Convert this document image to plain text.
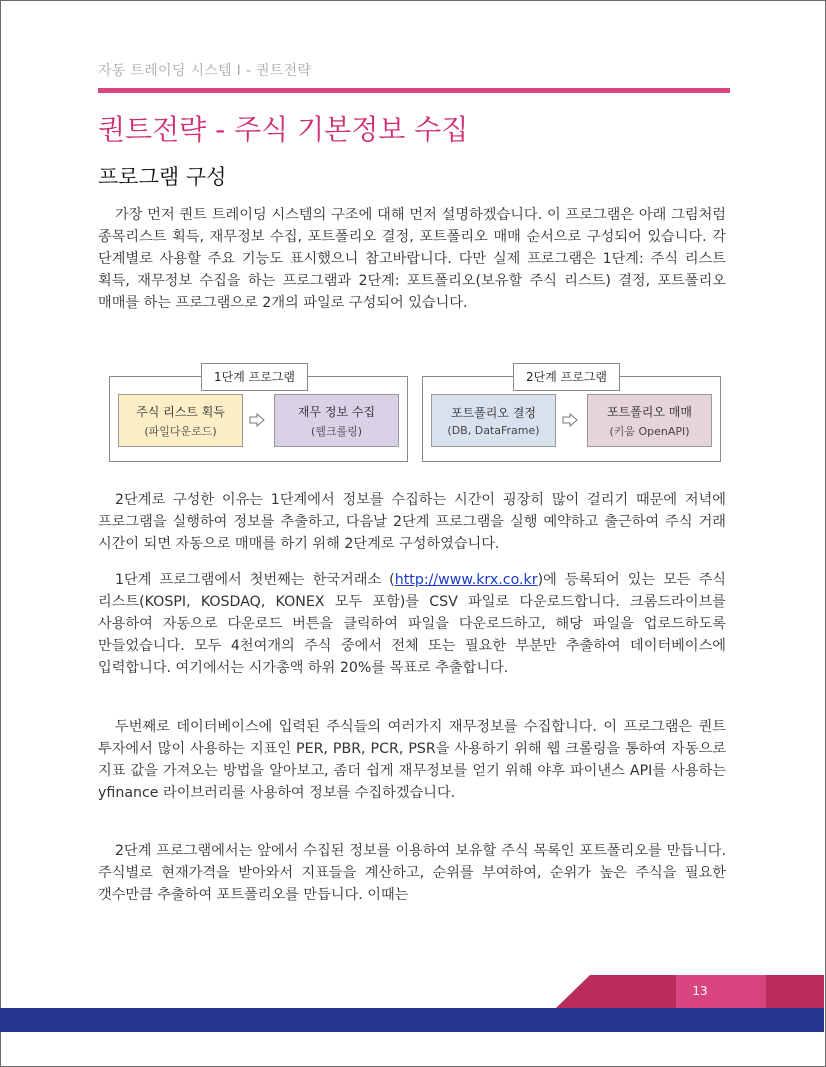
자동 트레이딩 시스템 Ⅰ - 퀀트전략
퀀트전략 - 주식 기본정보 수집
프로그램 구성

가장 먼저 퀀트 트레이딩 시스템의 구조에 대해 먼저 설명하겠습니다. 이 프로그램은 아래 그림처럼 종목리스트 획득, 재무정보 수집, 포트폴리오 결정, 포트폴리오 매매 순서으로 구성되어 있습니다. 각 단계별로 사용할 주요 기능도 표시했으니 참고바랍니다. 다만 실제 프로그램은 1단계: 주식 리스트 획득, 재무정보 수집을 하는 프로그램과 2단계: 포트폴리오(보유할 주식 리스트) 결정, 포트폴리오 매매를 하는 프로그램으로 2개의 파일로 구성되어 있습니다.

1단계 프로그램
주식 리스트 획득
(파일다운로드)
재무 정보 수집
(웹크롤링)
2단계 프로그램
포트폴리오 결정
(DB, DataFrame)
포트폴리오 매매
(키움 OpenAPI)

2단계로 구성한 이유는 1단계에서 정보를 수집하는 시간이 굉장히 많이 걸리기 때문에 저녁에 프로그램을 실행하여 정보를 추출하고, 다음날 2단계 프로그램을 실행 예약하고 출근하여 주식 거래 시간이 되면 자동으로 매매를 하기 위해 2단계로 구성하였습니다.

1단계 프로그램에서 첫번째는 한국거래소 (http://www.krx.co.kr)에 등록되어 있는 모든 주식 리스트(KOSPI, KOSDAQ, KONEX 모두 포함)를 CSV 파일로 다운로드합니다. 크롬드라이브를 사용하여 자동으로 다운로드 버튼을 클릭하여 파일을 다운로드하고, 해당 파일을 업로드하도록 만들었습니다. 모두 4천여개의 주식 중에서 전체 또는 필요한 부분만 추출하여 데이터베이스에 입력합니다. 여기에서는 시가총액 하위 20%를 목표로 추출합니다.

두번째로 데이터베이스에 입력된 주식들의 여러가지 재무정보를 수집합니다. 이 프로그램은 퀀트 투자에서 많이 사용하는 지표인 PER, PBR, PCR, PSR을 사용하기 위해 웹 크롤링을 통하여 자동으로 지표 값을 가져오는 방법을 알아보고, 좀더 쉽게 재무정보를 얻기 위해 야후 파이낸스 API를 사용하는 yfinance 라이브러리를 사용하여 정보를 수집하겠습니다.

2단계 프로그램에서는 앞에서 수집된 정보를 이용하여 보유할 주식 목록인 포트폴리오를 만듭니다. 주식별로 현재가격을 받아와서 지표들을 계산하고, 순위를 부여하여, 순위가 높은 주식을 필요한 갯수만큼 추출하여 포트폴리오를 만듭니다. 이때는

13
